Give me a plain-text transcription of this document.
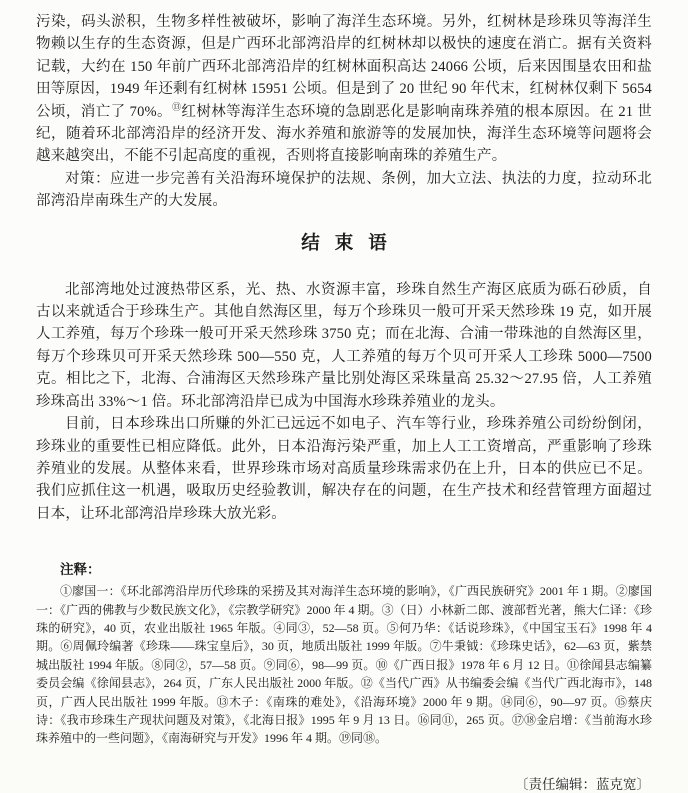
污染，码头淤积，生物多样性被破坏，影响了海洋生态环境。另外，红树林是珍珠贝等海洋生物赖以生存的生态资源，但是广西环北部湾沿岸的红树林却以极快的速度在消亡。据有关资料记载，大约在 150 年前广西环北部湾沿岸的红树林面积高达 24066 公顷，后来因围垦农田和盐田等原因，1949 年还剩有红树林 15951 公顷。但是到了 20 世纪 90 年代末，红树林仅剩下 5654 公顷，消亡了 70%。⑬红树林等海洋生态环境的急剧恶化是影响南珠养殖的根本原因。在 21 世纪，随着环北部湾沿岸的经济开发、海水养殖和旅游等的发展加快，海洋生态环境等问题将会越来越突出，不能不引起高度的重视，否则将直接影响南珠的养殖生产。

对策：应进一步完善有关沿海环境保护的法规、条例，加大立法、执法的力度，拉动环北部湾沿岸南珠生产的大发展。

结束语

北部湾地处过渡热带区系，光、热、水资源丰富，珍珠自然生产海区底质为砾石砂质，自古以来就适合于珍珠生产。其他自然海区里，每万个珍珠贝一般可开采天然珍珠 19 克，如开展人工养殖，每万个珍珠一般可开采天然珍珠 3750 克；而在北海、合浦一带珠池的自然海区里，每万个珍珠贝可开采天然珍珠 500—550 克，人工养殖的每万个贝可开采人工珍珠 5000—7500 克。相比之下，北海、合浦海区天然珍珠产量比别处海区采珠量高 25.32～27.95 倍，人工养殖珍珠高出 33%～1 倍。环北部湾沿岸已成为中国海水珍珠养殖业的龙头。

目前，日本珍珠出口所赚的外汇已远远不如电子、汽车等行业，珍珠养殖公司纷纷倒闭，珍珠业的重要性已相应降低。此外，日本沿海污染严重，加上人工工资增高，严重影响了珍珠养殖业的发展。从整体来看，世界珍珠市场对高质量珍珠需求仍在上升，日本的供应已不足。我们应抓住这一机遇，吸取历史经验教训，解决存在的问题，在生产技术和经营管理方面超过日本，让环北部湾沿岸珍珠大放光彩。

注释：

①廖国一：《环北部湾沿岸历代珍珠的采捞及其对海洋生态环境的影响》，《广西民族研究》2001 年 1 期。②廖国一：《广西的佛教与少数民族文化》，《宗教学研究》2000 年 4 期。③（日）小林新二郎、渡部哲光著，熊大仁译：《珍珠的研究》，40 页，农业出版社 1965 年版。④同③，52—58 页。⑤何乃华：《话说珍珠》，《中国宝玉石》1998 年 4 期。⑥周佩玲编著《珍珠——珠宝皇后》，30 页，地质出版社 1999 年版。⑦牛秉钺：《珍珠史话》，62—63 页，紫禁城出版社 1994 年版。⑧同②，57—58 页。⑨同⑥，98—99 页。⑩《广西日报》1978 年 6 月 12 日。⑪徐闻县志编纂委员会编《徐闻县志》，264 页，广东人民出版社 2000 年版。⑫《当代广西》从书编委会编《当代广西北海市》，148 页，广西人民出版社 1999 年版。⑬木子：《南珠的难处》，《沿海环境》2000 年 9 期。⑭同⑥，90—97 页。⑮蔡庆诗：《我市珍珠生产现状问题及对策》，《北海日报》1995 年 9 月 13 日。⑯同⑪，265 页。⑰⑱金启增：《当前海水珍珠养殖中的一些问题》，《南海研究与开发》1996 年 4 期。⑲同⑱。

〔责任编辑：蓝克宽〕
